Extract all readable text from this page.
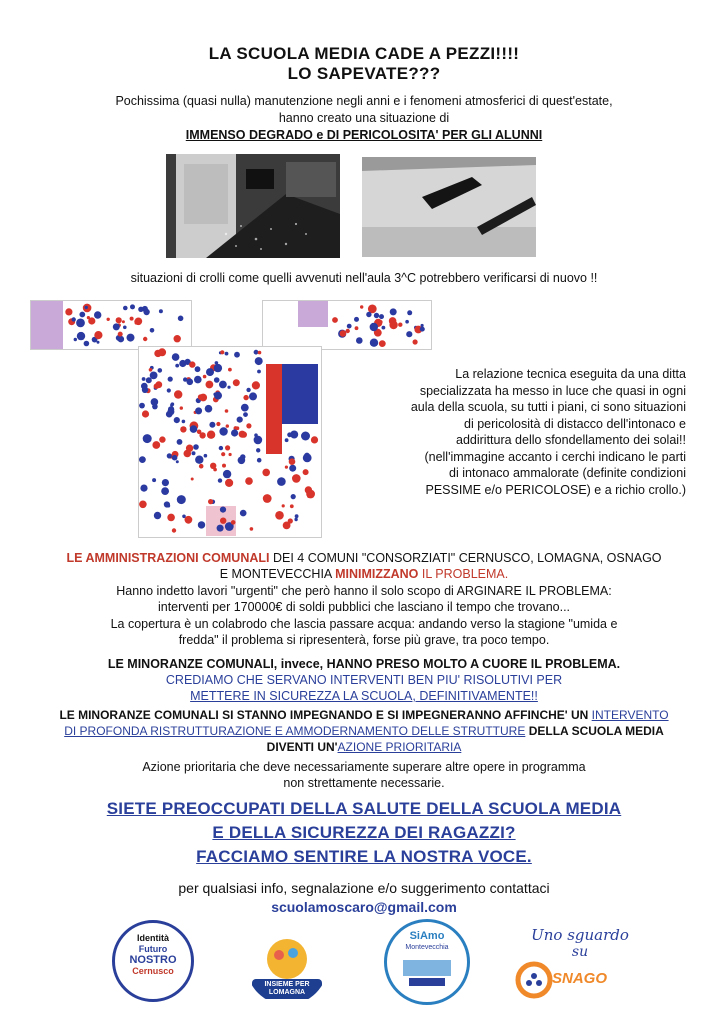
LA SCUOLA MEDIA CADE A PEZZI!!!!
LO SAPEVATE???
Pochissima (quasi nulla) manutenzione negli anni e i fenomeni atmosferici di quest'estate,
hanno creato una situazione di
IMMENSO DEGRADO e DI PERICOLOSITA' PER GLI ALUNNI
situazioni di crolli come quelli avvenuti nell'aula 3^C potrebbero verificarsi di nuovo !!
La relazione tecnica eseguita da una ditta
specializzata ha messo in luce che quasi in ogni
aula della scuola, su tutti i piani, ci sono situazioni
di pericolosità di distacco dell'intonaco e
addirittura dello sfondellamento dei solai!!
(nell'immagine accanto i cerchi indicano le parti
di intonaco ammalorate (definite condizioni
PESSIME e/o PERICOLOSE) e a richio crollo.)
LE AMMINISTRAZIONI COMUNALI DEI 4 COMUNI "CONSORZIATI" CERNUSCO, LOMAGNA, OSNAGO
E MONTEVECCHIA MINIMIZZANO IL PROBLEMA.
Hanno indetto lavori "urgenti" che però hanno il solo scopo di ARGINARE IL PROBLEMA:
interventi per 170000€ di soldi pubblici che lasciano il tempo che trovano...
La copertura è un colabrodo che lascia passare acqua: andando verso la stagione "umida e
fredda" il problema si ripresenterà, forse più grave, tra poco tempo.
LE MINORANZE COMUNALI, invece, HANNO PRESO MOLTO A CUORE IL PROBLEMA.
CREDIAMO CHE SERVANO INTERVENTI BEN PIU' RISOLUTIVI PER
METTERE IN SICUREZZA LA SCUOLA, DEFINITIVAMENTE!!
LE MINORANZE COMUNALI SI STANNO IMPEGNANDO E SI IMPEGNERANNO AFFINCHE' UN INTERVENTO
DI PROFONDA RISTRUTTURAZIONE E AMMODERNAMENTO DELLE STRUTTURE DELLA SCUOLA MEDIA
DIVENTI UN'AZIONE PRIORITARIA
Azione prioritaria che deve necessariamente superare altre opere in programma
non strettamente necessarie.
SIETE PREOCCUPATI DELLA SALUTE DELLA SCUOLA MEDIA
E DELLA SICUREZZA DEI RAGAZZI?
FACCIAMO SENTIRE LA NOSTRA VOCE.
per qualsiasi info, segnalazione e/o suggerimento contattaci
scuolamoscaro@gmail.com
Identità
Futuro
NOSTRO
Cernusco
INSIEME PER LOMAGNA
SiAmo
Montevecchia
Uno sguardo
su
SNAGO
